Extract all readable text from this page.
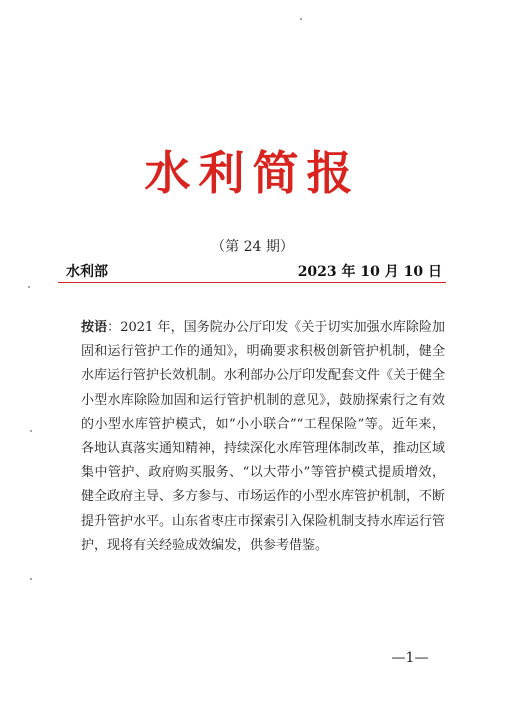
水利简报
（第 24 期）
水利部	2023 年 10 月 10 日
按语：2021 年，国务院办公厅印发《关于切实加强水库除险加固和运行管护工作的通知》，明确要求积极创新管护机制，健全水库运行管护长效机制。水利部办公厅印发配套文件《关于健全小型水库除险加固和运行管护机制的意见》，鼓励探索行之有效的小型水库管护模式，如“小小联合”“工程保险”等。近年来，各地认真落实通知精神，持续深化水库管理体制改革，推动区域集中管护、政府购买服务、“以大带小”等管护模式提质增效，健全政府主导、多方参与、市场运作的小型水库管护机制，不断提升管护水平。山东省枣庄市探索引入保险机制支持水库运行管护，现将有关经验成效编发，供参考借鉴。
—1—
